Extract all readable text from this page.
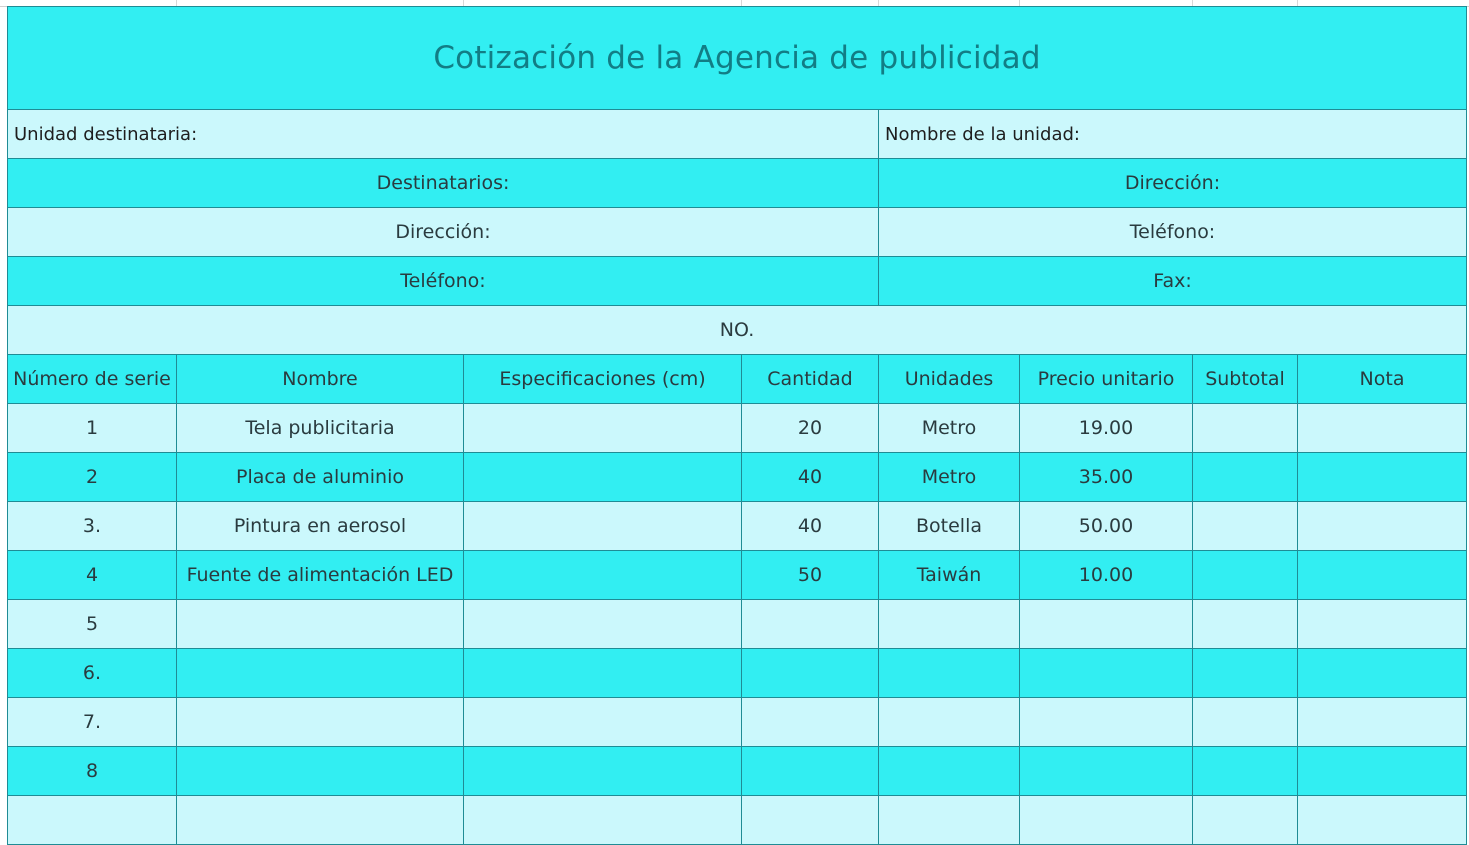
Cotización de la Agencia de publicidad							
Unidad destinataria:				Nombre de la unidad:			
Destinatarios:				Dirección:			
Dirección:				Teléfono:			
Teléfono:				Fax:			
NO.							
Número de serie	Nombre	Especificaciones (cm)	Cantidad	Unidades	Precio unitario	Subtotal	Nota
1	Tela publicitaria		20	Metro	19.00		
2	Placa de aluminio		40	Metro	35.00		
3.	Pintura en aerosol		40	Botella	50.00		
4	Fuente de alimentación LED		50	Taiwán	10.00		
5							
6.							
7.							
8							
